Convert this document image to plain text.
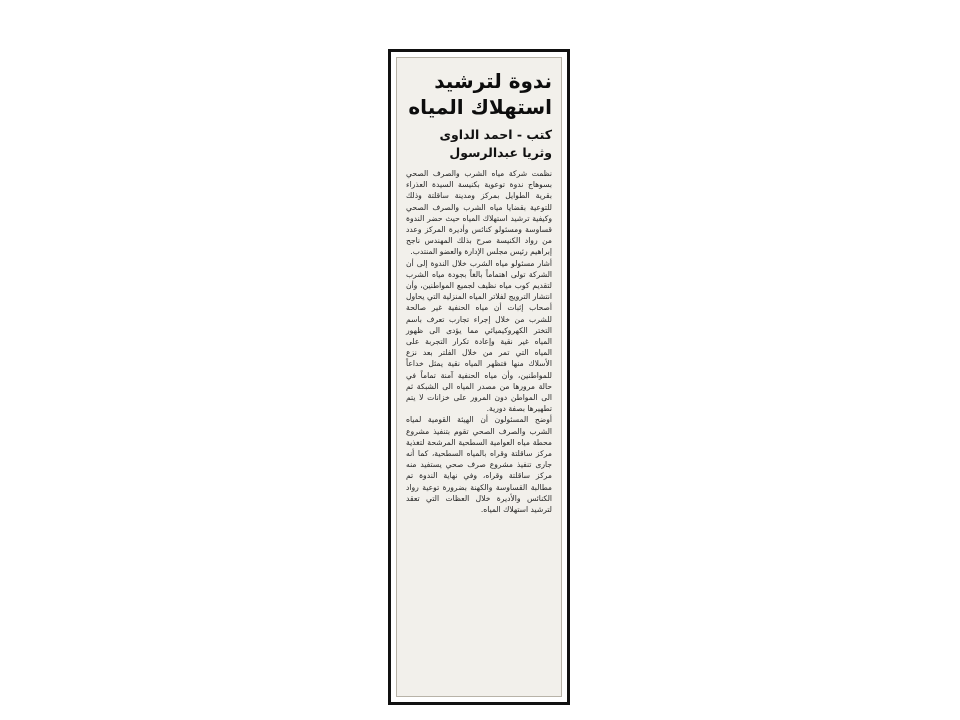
ندوة لترشيد
استهلاك المياه
كتب - احمد الداوى
وثريا عبدالرسول

نظمت شركة مياه الشرب والصرف الصحي بسوهاج ندوة توعوية بكنيسة السيدة العذراء بقرية الطوايل بمركز ومدينة ساقلتة وذلك للتوعية بقضايا مياه الشرب والصرف الصحي وكيفية ترشيد استهلاك المياه حيث حضر الندوة قساوسة ومسئولو كنائس وأديرة المركز وعدد من رواد الكنيسة صرح بذلك المهندس ناجح إبراهيم رئيس مجلس الإدارة والعضو المنتدب.

أشار مسئولو مياه الشرب خلال الندوة إلى أن الشركة تولى اهتماماً بالغاً بجودة مياه الشرب لتقديم كوب مياه نظيف لجميع المواطنين، وأن انتشار الترويج لفلاتر المياه المنزلية التي يحاول أصحاب إثبات أن مياه الحنفية غير صالحة للشرب من خلال إجراء تجارب تعرف باسم التختر الكهروكيميائي مما يؤدى الى ظهور المياه غير نقية وإعادة تكرار التجربة على المياه التي تمر من خلال الفلتر بعد نزع الأسلاك منها فتظهر المياه نقية يمثل خداعاً للمواطنين، وأن مياه الحنفية آمنة تماماً في حالة مرورها من مصدر المياه الى الشبكة ثم الى المواطن دون المرور على خزانات لا يتم تطهيرها بصفة دورية.

أوضح المسئولون أن الهيئة القومية لمياه الشرب والصرف الصحي تقوم بتنفيذ مشروع محطة مياه العوامية السطحية المرشحة لتغذية مركز ساقلتة وقراه بالمياه السطحية، كما أنه جارى تنفيذ مشروع صرف صحي يستفيد منه مركز ساقلتة وقراه، وفي نهاية الندوة تم مطالبة القساوسة والكهنة بضرورة توعية رواد الكنائس والأديرة خلال العظات التي تعقد لترشيد استهلاك المياه.
